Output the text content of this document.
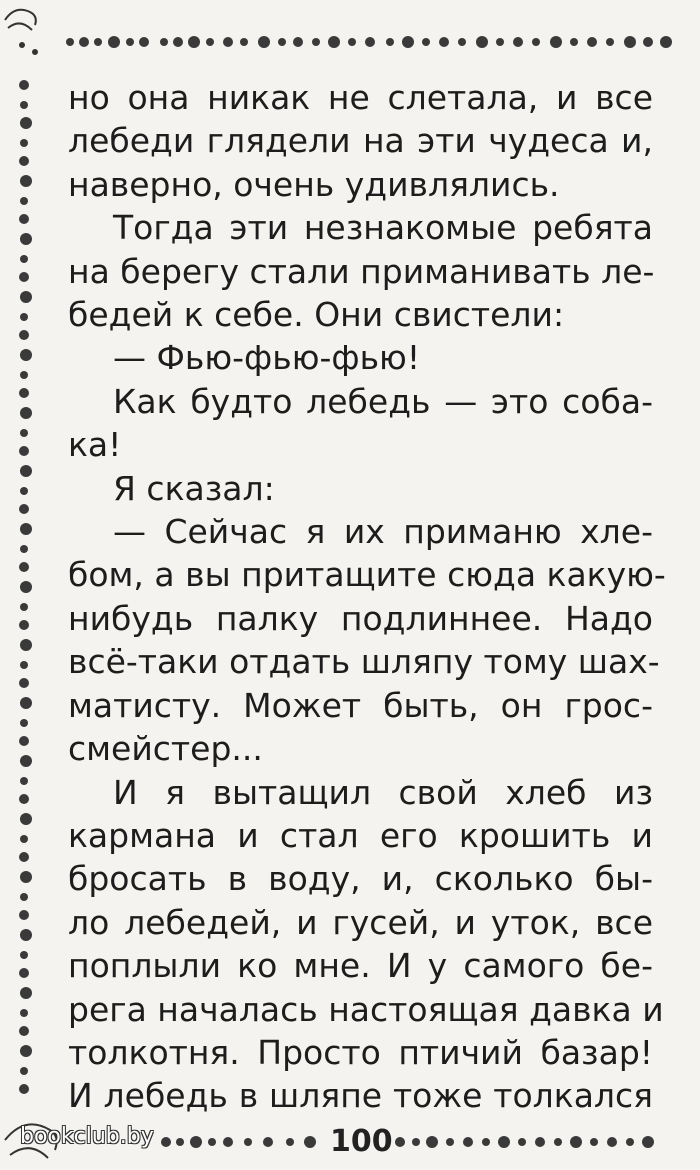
но она никак не слетала, и все
лебеди глядели на эти чудеса и,
наверно, очень удивлялись.
Тогда эти незнакомые ребята
на берегу стали приманивать ле-
бедей к себе. Они свистели:
— Фью-фью-фью!
Как будто лебедь — это соба-
ка!
Я сказал:
— Сейчас я их приманю хле-
бом, а вы притащите сюда какую-
нибудь палку подлиннее. Надо
всё-таки отдать шляпу тому шах-
матисту. Может быть, он грос-
смейстер...
И я вытащил свой хлеб из
кармана и стал его крошить и
бросать в воду, и, сколько бы-
ло лебедей, и гусей, и уток, все
поплыли ко мне. И у самого бе-
рега началась настоящая давка и
толкотня. Просто птичий базар!
И лебедь в шляпе тоже толкался
bookclub.by	100
